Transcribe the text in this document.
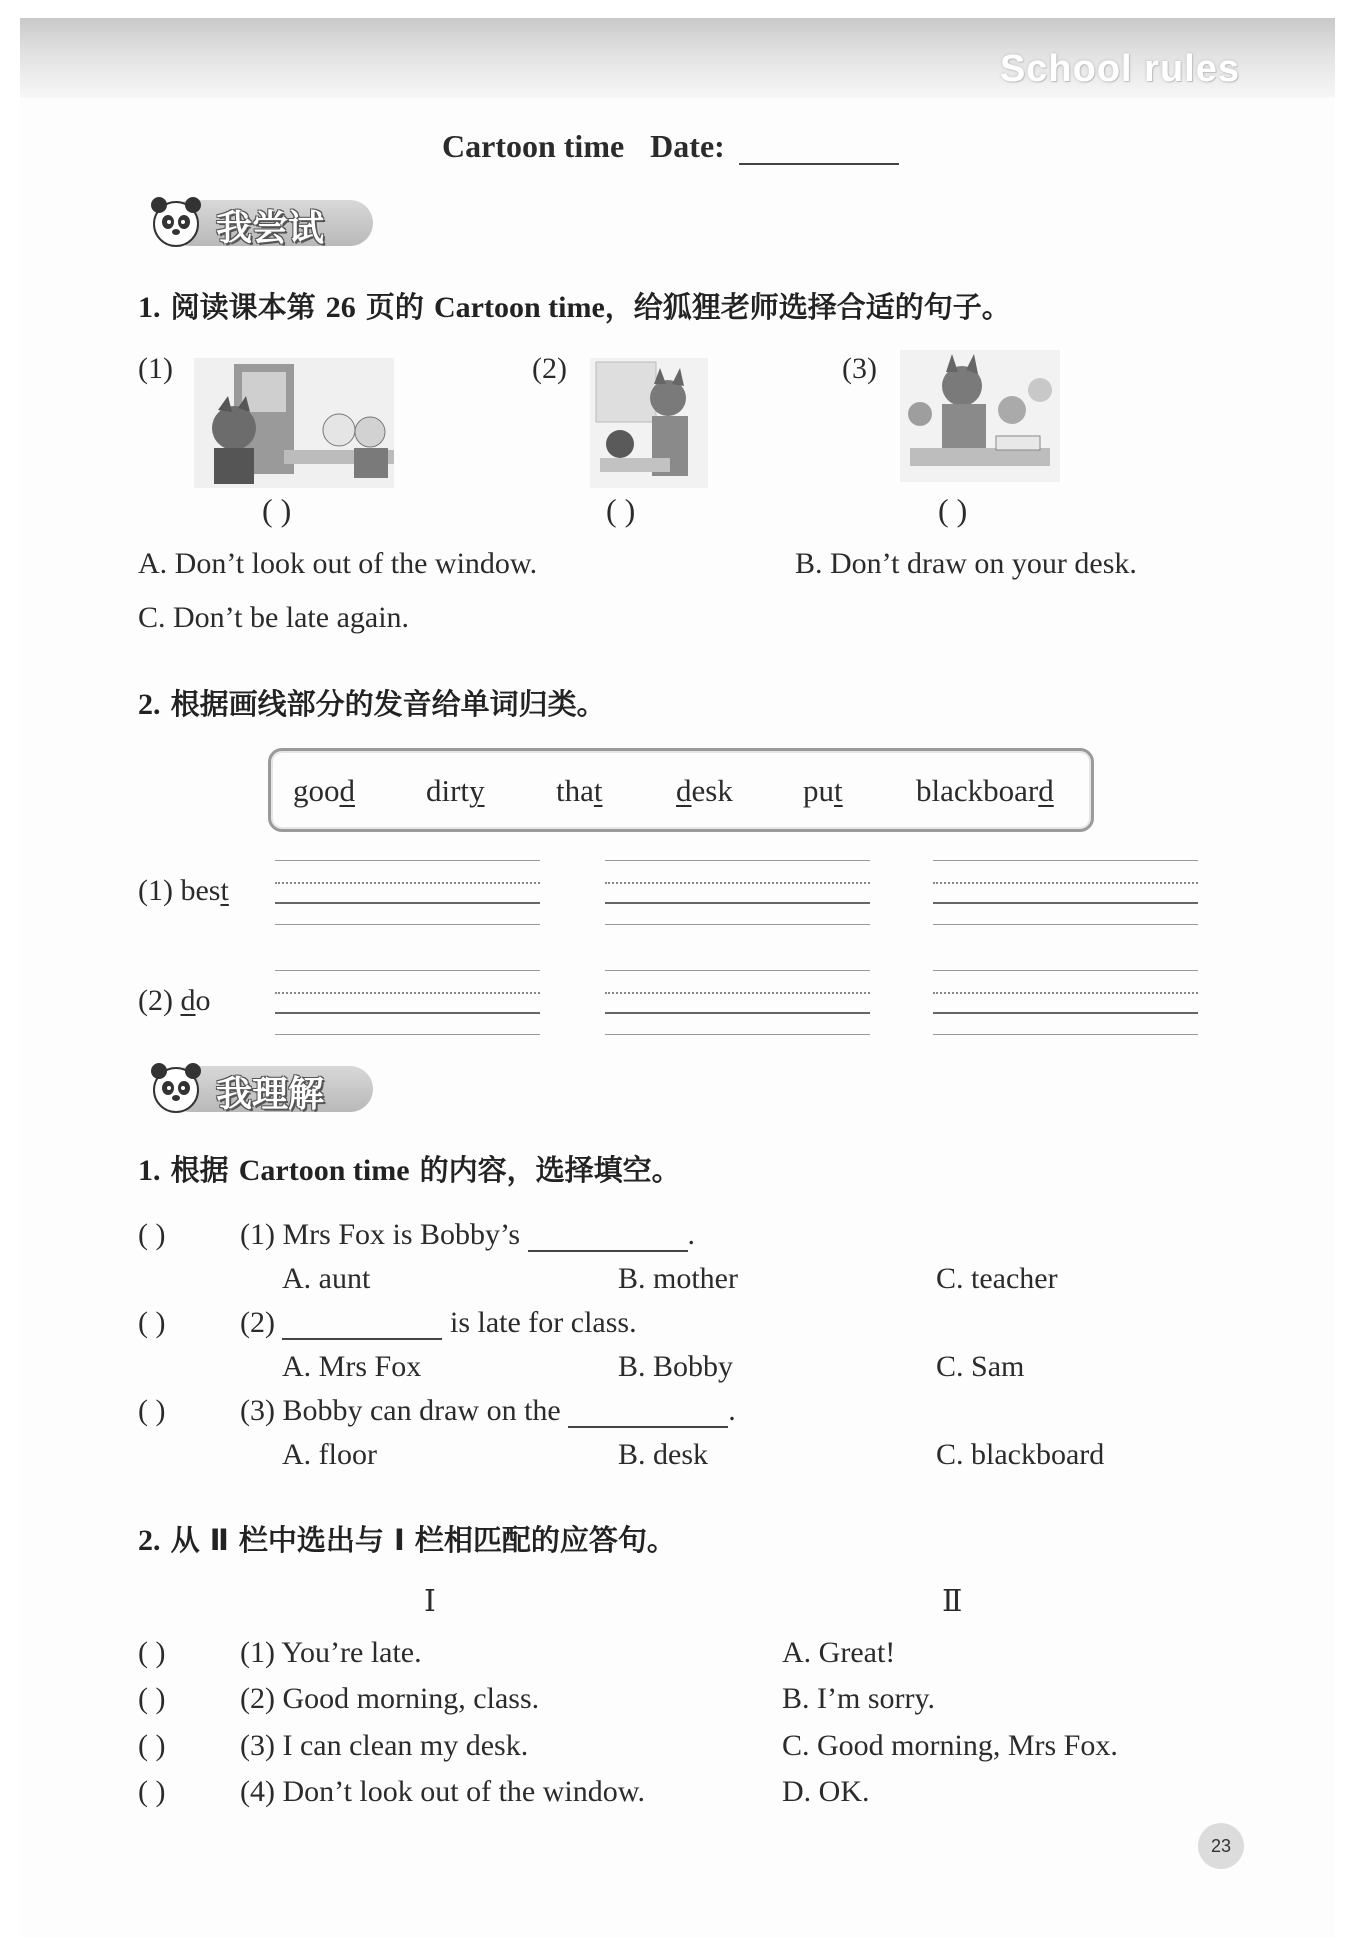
School rules
Cartoon time Date:
我尝试
1. 阅读课本第 26 页的 Cartoon time，给狐狸老师选择合适的句子。
(1)
( )
(2)
( )
(3)
( )
A. Don’t look out of the window.	B. Don’t draw on your desk.
C. Don’t be late again.
2. 根据画线部分的发音给单词归类。
good dirty that desk put blackboard
(1) best
(2) do
我理解
1. 根据 Cartoon time 的内容，选择填空。
( ) (1) Mrs Fox is Bobby’s	.
A. aunt	B. mother	C. teacher
( ) (2)	is late for class.
A. Mrs Fox	B. Bobby	C. Sam
( ) (3) Bobby can draw on the	.
A. floor	B. desk	C. blackboard
2. 从 Ⅱ 栏中选出与 Ⅰ 栏相匹配的应答句。
Ⅰ	Ⅱ
( ) (1) You’re late.	A. Great!
( ) (2) Good morning, class.	B. I’m sorry.
( ) (3) I can clean my desk.	C. Good morning, Mrs Fox.
( ) (4) Don’t look out of the window.	D. OK.
23
